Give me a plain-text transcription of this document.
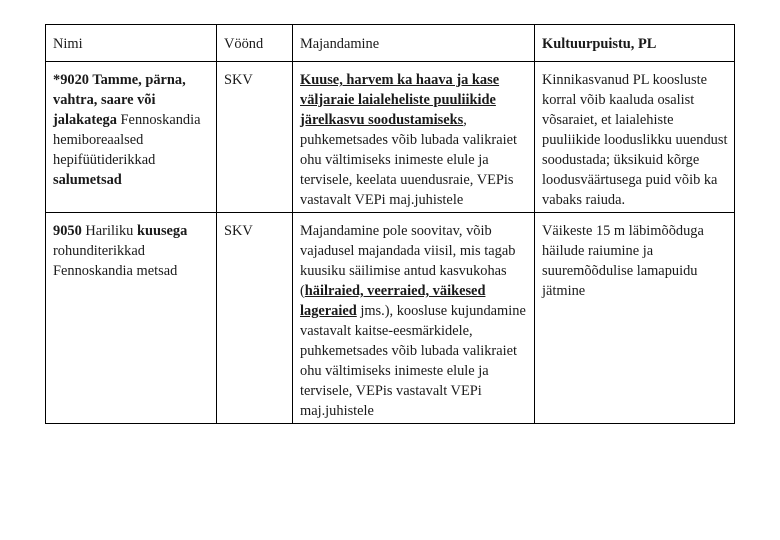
Nimi	Vöönd	Majandamine	Kultuurpuistu, PL
*9020 Tamme, pärna, vahtra, saare või jalakatega Fennoskandia hemiboreaalsed hepifüütiderikkad salumetsad	SKV	Kuuse, harvem ka haava ja kase väljaraie laialeheliste puuliikide järelkasvu soodustamiseks, puhkemetsades võib lubada valikraiet ohu vältimiseks inimeste elule ja tervisele, keelata uuendusraie, VEPis vastavalt VEPi maj.juhistele	Kinnikasvanud PL koosluste korral võib kaaluda osalist võsaraiet, et laialehiste puuliikide looduslikku uuendust soodustada; üksikuid kõrge loodusväärtusega puid võib ka vabaks raiuda.
9050 Hariliku kuusega rohunditerikkad Fennoskandia metsad	SKV	Majandamine pole soovitav, võib vajadusel majandada viisil, mis tagab kuusiku säilimise antud kasvukohas (häilraied, veerraied, väikesed lageraied jms.), koosluse kujundamine vastavalt kaitse-eesmärkidele, puhkemetsades võib lubada valikraiet ohu vältimiseks inimeste elule ja tervisele, VEPis vastavalt VEPi maj.juhistele	Väikeste 15 m läbimõõduga häilude raiumine ja suuremõõdulise lamapuidu jätmine
